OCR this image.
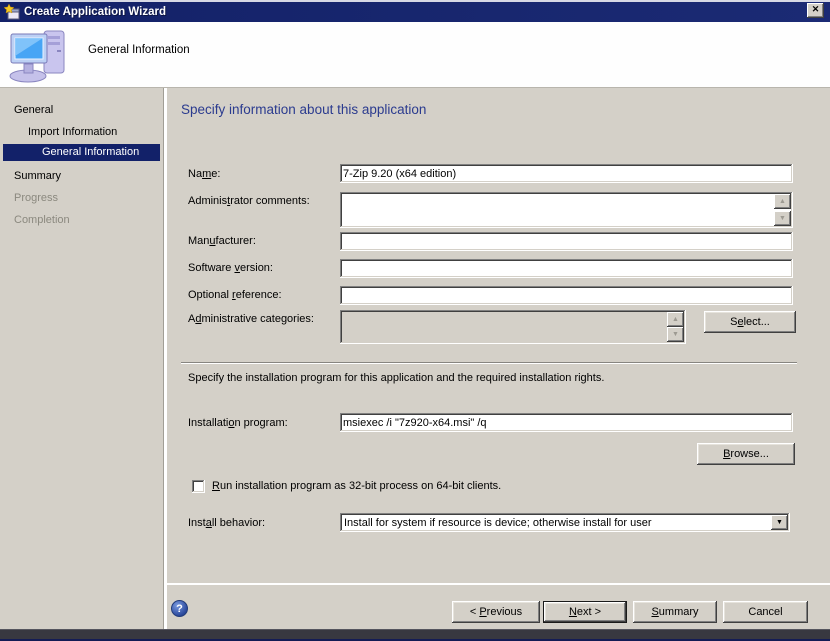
Create Application Wizard	✕
General Information
General
Import Information
General Information
Summary
Progress
Completion
Specify information about this application
Name:
7-Zip 9.20 (x64 edition)
Administrator comments:	▲
▼
Manufacturer:
Software version:
Optional reference:
Administrative categories:	▲
▼
Select...
Specify the installation program for this application and the required installation rights.
Installation program:
msiexec /i "7z920-x64.msi" /q
Browse...
Run installation program as 32-bit process on 64-bit clients.
Install behavior:	Install for system if resource is device; otherwise install for user	▼
?	< Previous	Next >	Summary	Cancel
